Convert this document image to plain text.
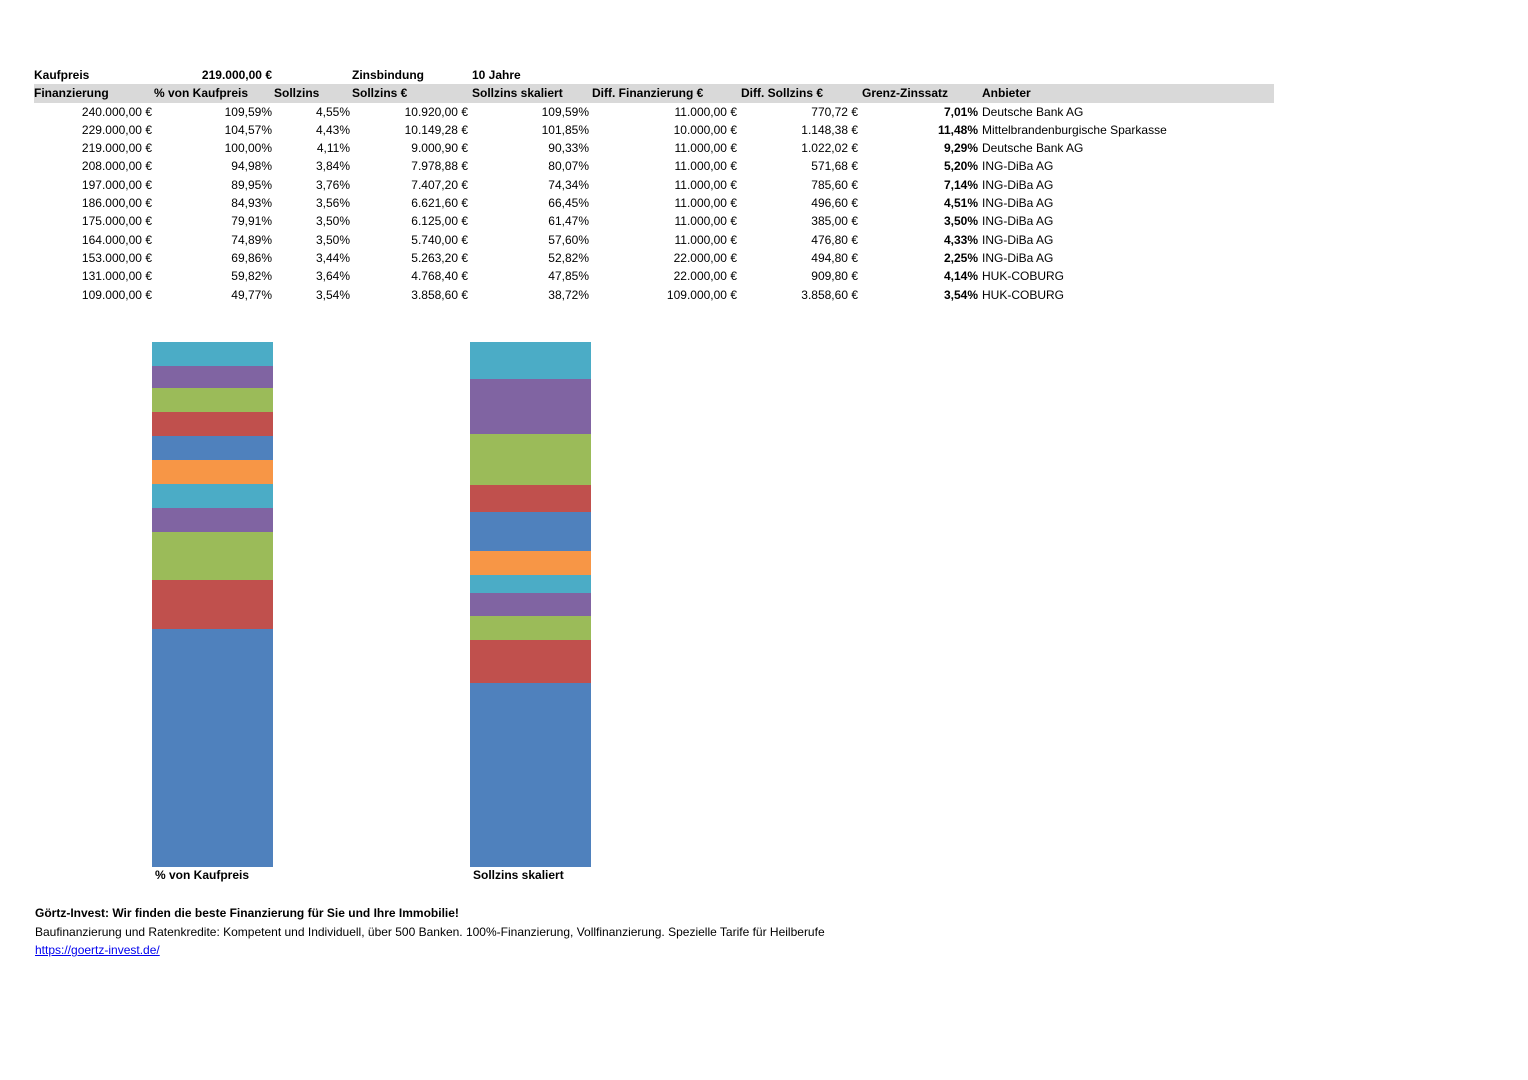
Kaufpreis	219.000,00 €	Zinsbindung	10 Jahre
Finanzierung	% von Kaufpreis	Sollzins	Sollzins €	Sollzins skaliert	Diff. Finanzierung €	Diff. Sollzins €	Grenz-Zinssatz	Anbieter
240.000,00 €	109,59%	4,55%	10.920,00 €	109,59%	11.000,00 €	770,72 €	7,01% Deutsche Bank AG
229.000,00 €	104,57%	4,43%	10.149,28 €	101,85%	10.000,00 €	1.148,38 €	11,48% Mittelbrandenburgische Sparkasse
219.000,00 €	100,00%	4,11%	9.000,90 €	90,33%	11.000,00 €	1.022,02 €	9,29% Deutsche Bank AG
208.000,00 €	94,98%	3,84%	7.978,88 €	80,07%	11.000,00 €	571,68 €	5,20% ING-DiBa AG
197.000,00 €	89,95%	3,76%	7.407,20 €	74,34%	11.000,00 €	785,60 €	7,14% ING-DiBa AG
186.000,00 €	84,93%	3,56%	6.621,60 €	66,45%	11.000,00 €	496,60 €	4,51% ING-DiBa AG
175.000,00 €	79,91%	3,50%	6.125,00 €	61,47%	11.000,00 €	385,00 €	3,50% ING-DiBa AG
164.000,00 €	74,89%	3,50%	5.740,00 €	57,60%	11.000,00 €	476,80 €	4,33% ING-DiBa AG
153.000,00 €	69,86%	3,44%	5.263,20 €	52,82%	22.000,00 €	494,80 €	2,25% ING-DiBa AG
131.000,00 €	59,82%	3,64%	4.768,40 €	47,85%	22.000,00 €	909,80 €	4,14% HUK-COBURG
109.000,00 €	49,77%	3,54%	3.858,60 €	38,72%	109.000,00 €	3.858,60 €	3,54% HUK-COBURG
% von Kaufpreis	Sollzins skaliert
Görtz-Invest: Wir finden die beste Finanzierung für Sie und Ihre Immobilie!
Baufinanzierung und Ratenkredite: Kompetent und Individuell, über 500 Banken. 100%-Finanzierung, Vollfinanzierung. Spezielle Tarife für Heilberufe
https://goertz-invest.de/
